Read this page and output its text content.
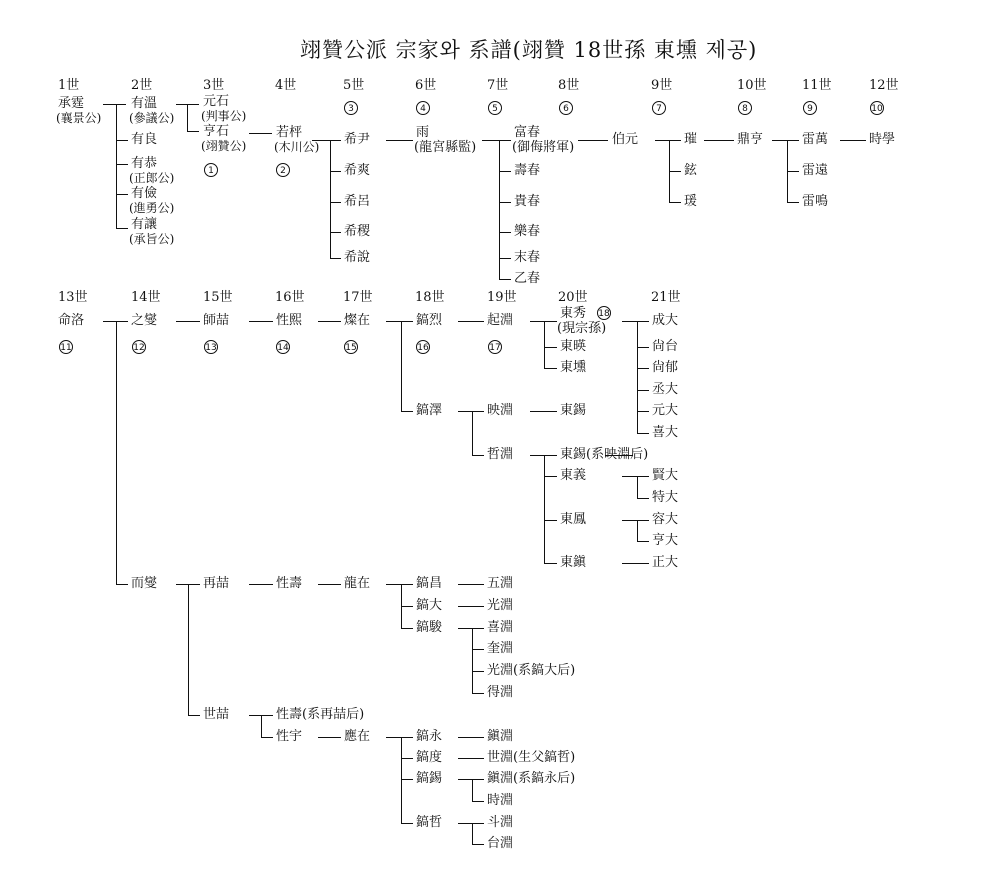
翊贊公派 宗家와 系譜(翊贊 18世孫 東壎 제공)
1世	2世	3世	4世	5世	6世	7世	8世	9世	10世	11世	12世
1	2
3	4	5	6	7	8	9	10
承霆
(襄景公)
有溫
(參議公)
有良
有恭
(正郎公)
有儉
(進勇公)
有讓
(承旨公)
元石
(判事公)
亨石
(翊贊公)
若枰
(木川公) 希尹
希爽
希呂
希稷
希說
雨
(龍宮縣監)
富春
(御侮將軍)
壽春
貴春
樂春
末春
乙春
伯元	璀
鉉
瑗
鼎亨	雷萬
雷遠
雷鳴
時學
13世	14世	15世	16世	17世	18世	19世	20世	21世
11	12	13	14	15	16	17
18
命洛	之燮
而燮
師喆
再喆
世喆
性熙
性壽
性壽(系再喆后)
性宇
燦在
龍在
應在
鎬烈
鎬澤
鎬昌
鎬大
鎬駿
鎬永
鎬度
鎬錫
鎬哲
起淵
映淵
哲淵
五淵
光淵
喜淵
奎淵
光淵(系鎬大后)
得淵
鎭淵
世淵(生父鎬哲)
鎭淵(系鎬永后)
時淵
斗淵
台淵
東秀
(現宗孫)
東暎
東壎
東錫
東錫(系映淵后)
東義
東鳳
東鎭
成大
尙台
尙郁
丞大
元大
喜大
賢大
特大
容大
亨大
正大
